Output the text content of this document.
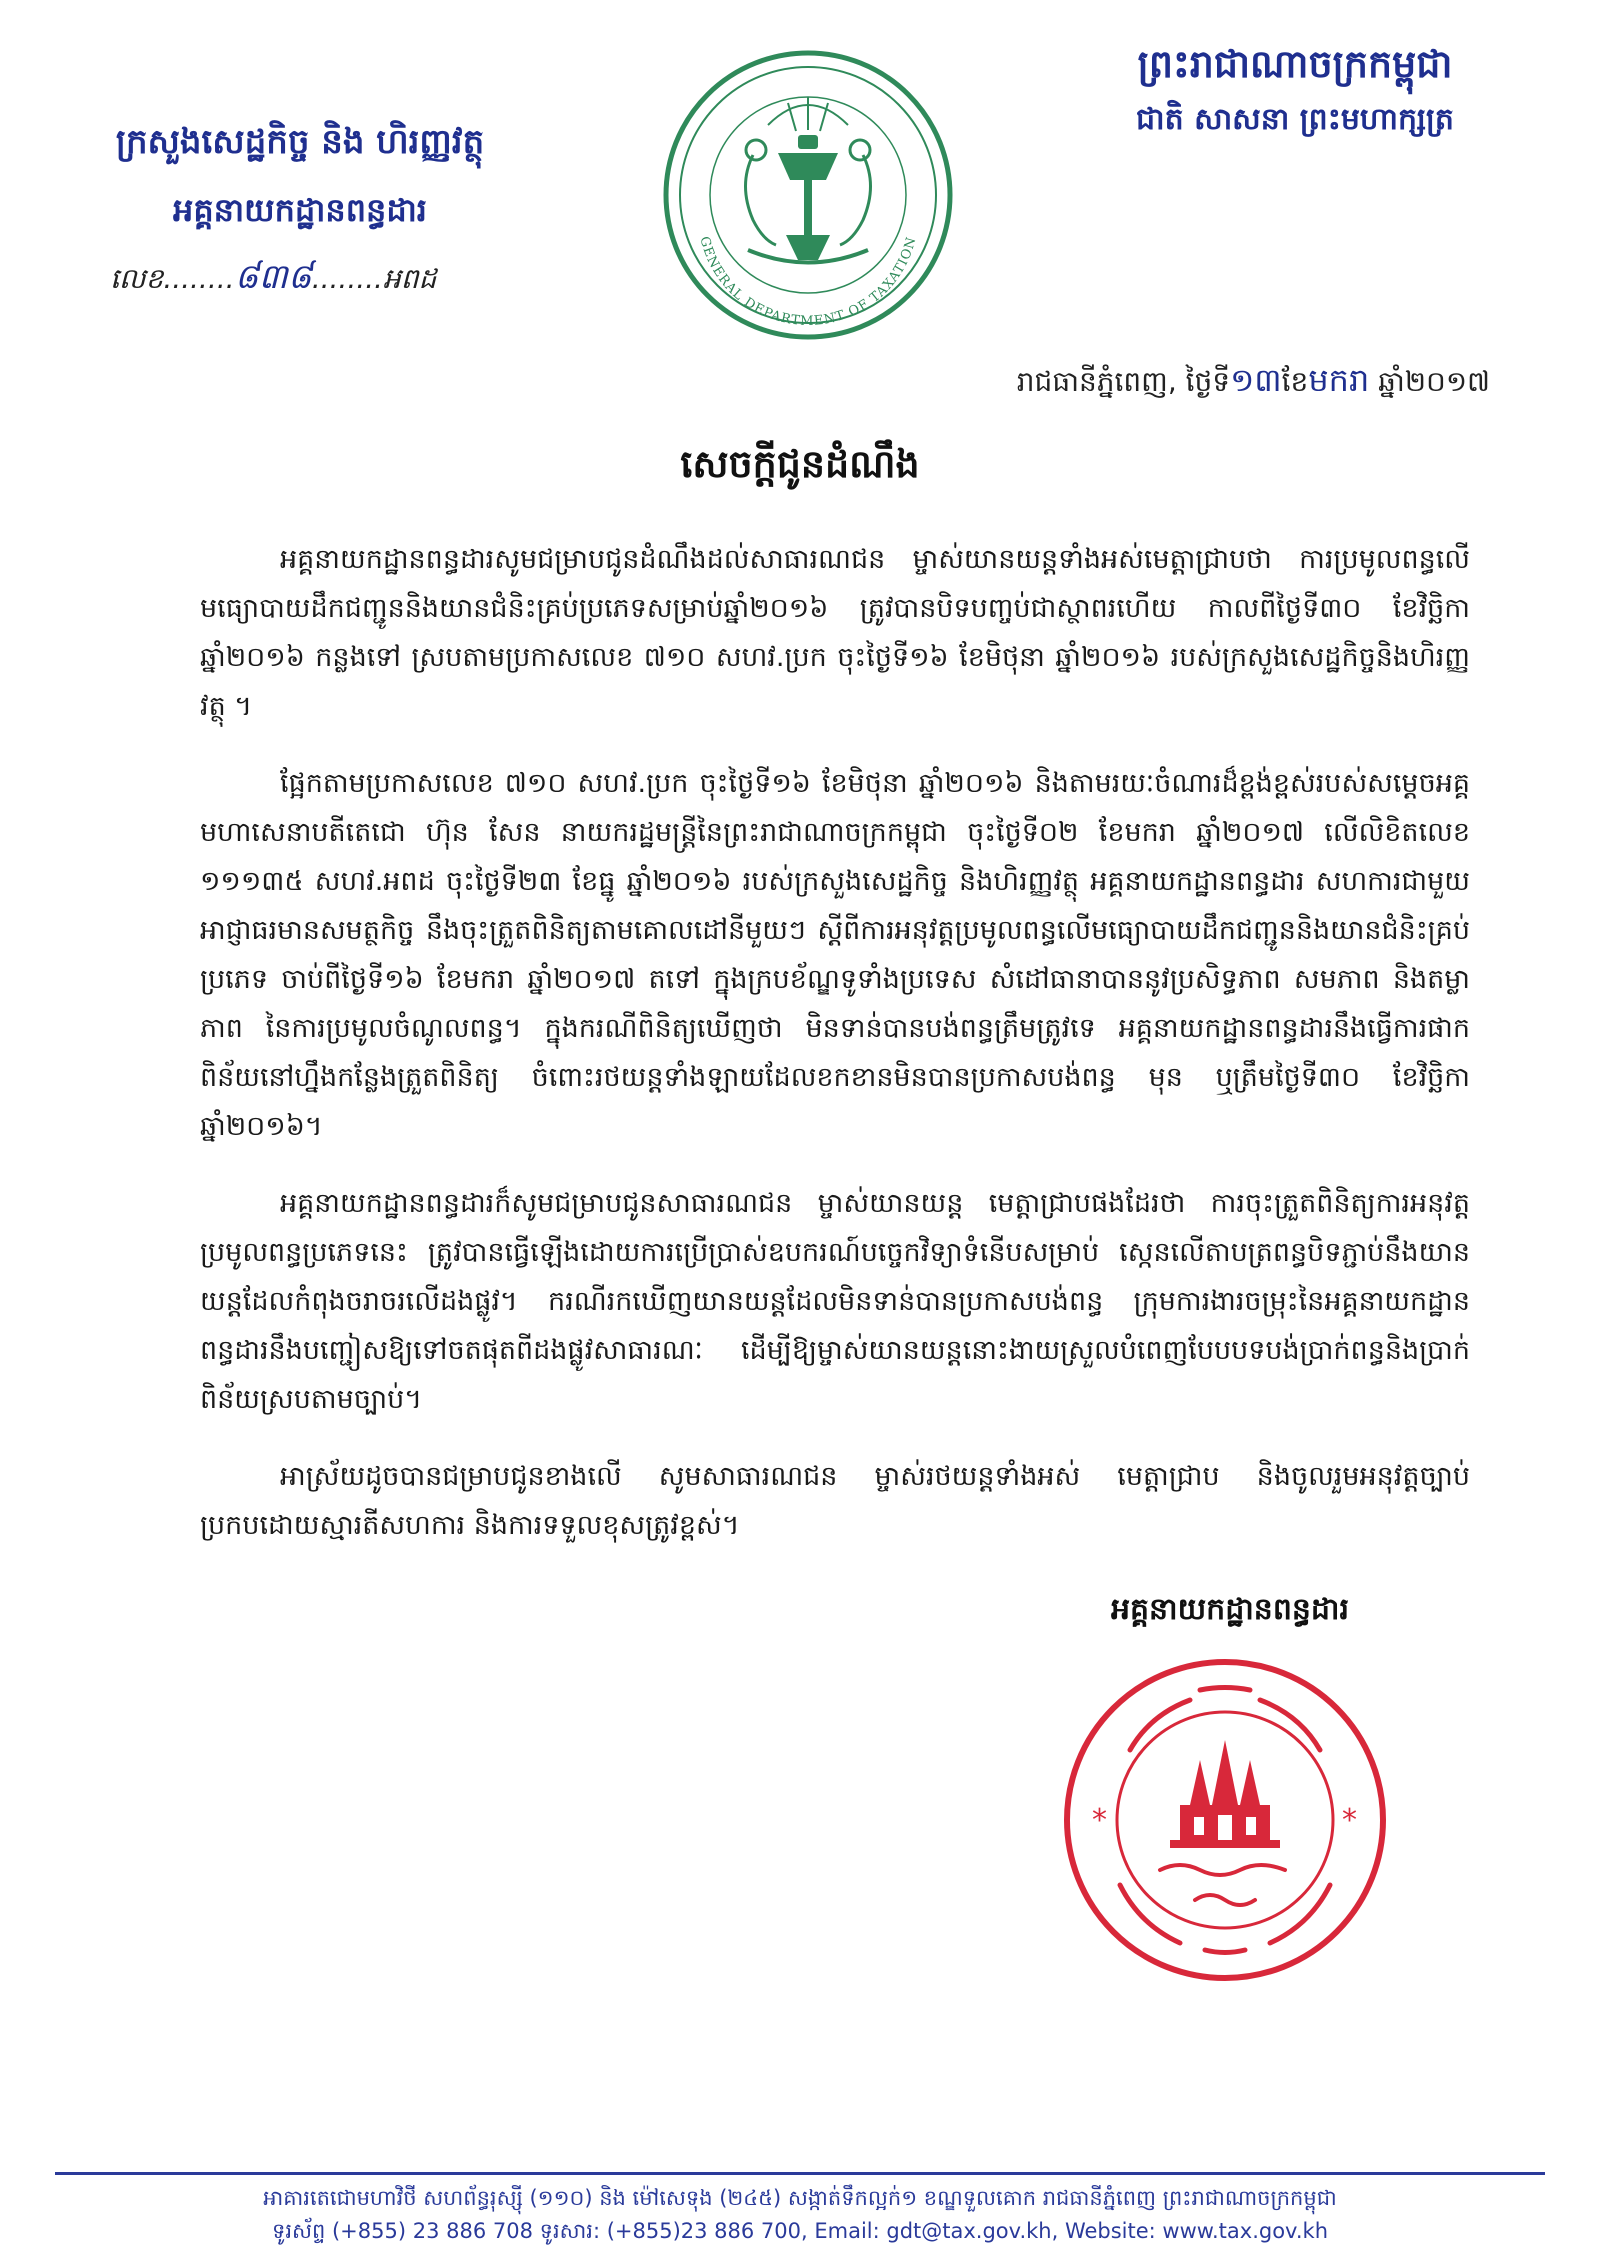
ក្រសួងសេដ្ឋកិច្ច និង ហិរញ្ញវត្ថុ
អគ្គនាយកដ្ឋានពន្ធដារ
លេខ........៨៣៨........អពដ
GENERAL DEPARTMENT OF TAXATION
ព្រះរាជាណាចក្រកម្ពុជា
ជាតិ សាសនា ព្រះមហាក្សត្រ
រាជធានីភ្នំពេញ, ថ្ងៃទី១៣ខែមករា ឆ្នាំ២០១៧
សេចក្តីជូនដំណឹង

អគ្គនាយកដ្ឋានពន្ធដារសូមជម្រាបជូនដំណឹងដល់សាធារណជន ម្ចាស់យានយន្តទាំងអស់មេត្តាជ្រាបថា ការប្រមូលពន្ធលើមធ្យោបាយដឹកជញ្ជូននិងយានជំនិះគ្រប់ប្រភេទសម្រាប់ឆ្នាំ២០១៦ ត្រូវបានបិទបញ្ចប់ជាស្ថាពរហើយ កាលពីថ្ងៃទី៣០ ខែវិច្ឆិកា ឆ្នាំ២០១៦ កន្លងទៅ ស្របតាមប្រកាសលេខ ៧១០ សហវ.ប្រក ចុះថ្ងៃទី១៦ ខែមិថុនា ឆ្នាំ២០១៦ របស់ក្រសួងសេដ្ឋកិច្ចនិងហិរញ្ញវត្ថុ ។

ផ្អែកតាមប្រកាសលេខ ៧១០ សហវ.ប្រក ចុះថ្ងៃទី១៦ ខែមិថុនា ឆ្នាំ២០១៦ និងតាមរយៈចំណារដ៏ខ្ពង់ខ្ពស់របស់សម្តេចអគ្គមហាសេនាបតីតេជោ ហ៊ុន សែន នាយករដ្ឋមន្ត្រីនៃព្រះរាជាណាចក្រកម្ពុជា ចុះថ្ងៃទី០២ ខែមករា ឆ្នាំ២០១៧ លើលិខិតលេខ ១១១៣៥ សហវ.អពដ ចុះថ្ងៃទី២៣ ខែធ្នូ ឆ្នាំ២០១៦ របស់ក្រសួងសេដ្ឋកិច្ច និងហិរញ្ញវត្ថុ អគ្គនាយកដ្ឋានពន្ធដារ សហការជាមួយអាជ្ញាធរមានសមត្ថកិច្ច នឹងចុះត្រួតពិនិត្យតាមគោលដៅនីមួយៗ ស្តីពីការអនុវត្តប្រមូលពន្ធលើមធ្យោបាយដឹកជញ្ជូននិងយានជំនិះគ្រប់ប្រភេទ ចាប់ពីថ្ងៃទី១៦ ខែមករា ឆ្នាំ២០១៧ តទៅ ក្នុងក្របខ័ណ្ឌទូទាំងប្រទេស សំដៅធានាបាននូវប្រសិទ្ធភាព សមភាព និងតម្លាភាព នៃការប្រមូលចំណូលពន្ធ។ ក្នុងករណីពិនិត្យឃើញថា មិនទាន់បានបង់ពន្ធត្រឹមត្រូវទេ អគ្គនាយកដ្ឋានពន្ធដារនឹងធ្វើការផាកពិន័យនៅហ្នឹងកន្លែងត្រួតពិនិត្យ ចំពោះរថយន្តទាំងឡាយដែលខកខានមិនបានប្រកាសបង់ពន្ធ មុន ឬត្រឹមថ្ងៃទី៣០ ខែវិច្ឆិកា ឆ្នាំ២០១៦។

អគ្គនាយកដ្ឋានពន្ធដារក៏សូមជម្រាបជូនសាធារណជន ម្ចាស់យានយន្ត មេត្តាជ្រាបផងដែរថា ការចុះត្រួតពិនិត្យការអនុវត្តប្រមូលពន្ធប្រភេទនេះ ត្រូវបានធ្វើឡើងដោយការប្រើប្រាស់ឧបករណ៍បច្ចេកវិទ្យាទំនើបសម្រាប់ ស្កេនលើតាបត្រពន្ធបិទភ្ជាប់នឹងយានយន្តដែលកំពុងចរាចរលើដងផ្លូវ។ ករណីរកឃើញយានយន្តដែលមិនទាន់បានប្រកាសបង់ពន្ធ ក្រុមការងារចម្រុះនៃអគ្គនាយកដ្ឋានពន្ធដារនឹងបញ្ជៀសឱ្យទៅចតផុតពីដងផ្លូវសាធារណៈ ដើម្បីឱ្យម្ចាស់យានយន្តនោះងាយស្រួលបំពេញបែបបទបង់ប្រាក់ពន្ធនិងប្រាក់ពិន័យស្របតាមច្បាប់។

អាស្រ័យដូចបានជម្រាបជូនខាងលើ សូមសាធារណជន ម្ចាស់រថយន្តទាំងអស់ មេត្តាជ្រាប និងចូលរួមអនុវត្តច្បាប់ប្រកបដោយស្មារតីសហការ និងការទទួលខុសត្រូវខ្ពស់។

អគ្គនាយកដ្ឋានពន្ធដារ
*	*
អាគារតេជោមហាវិថី សហព័ន្ធរុស្ស៊ី (១១០) និង ម៉ៅសេទុង (២៤៥) សង្កាត់ទឹកល្អក់១ ខណ្ឌទួលគោក រាជធានីភ្នំពេញ ព្រះរាជាណាចក្រកម្ពុជា
ទូរស័ព្ទ (+855) 23 886 708 ទូរសារ: (+855)23 886 700, Email: gdt@tax.gov.kh, Website: www.tax.gov.kh
